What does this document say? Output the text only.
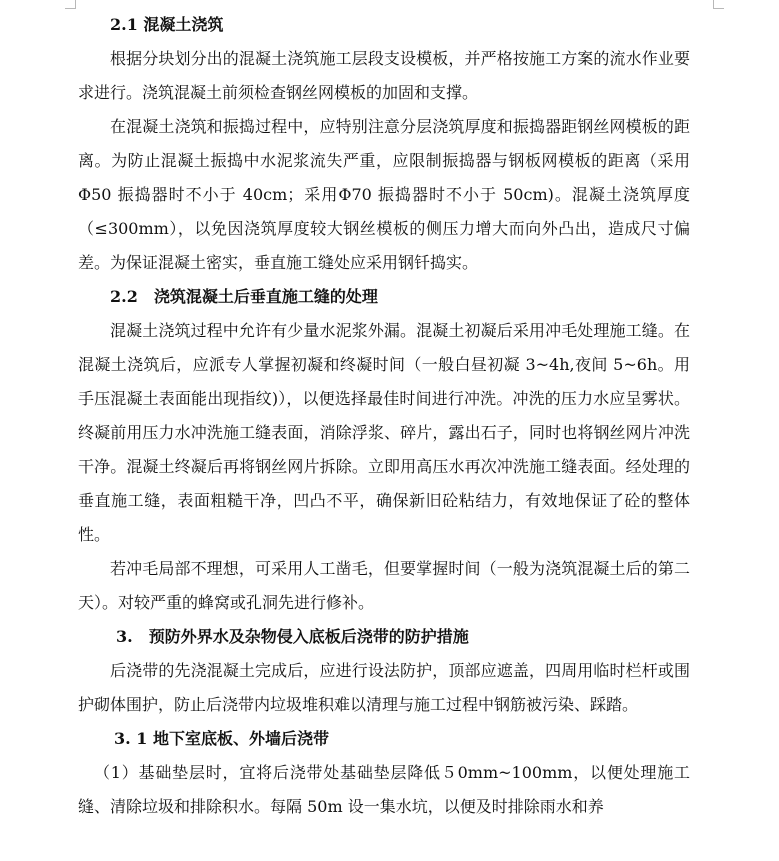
2.1 混凝土浇筑

根据分块划分出的混凝土浇筑施工层段支设模板，并严格按施工方案的流水作业要求进行。浇筑混凝土前须检查钢丝网模板的加固和支撑。

在混凝土浇筑和振捣过程中，应特别注意分层浇筑厚度和振捣器距钢丝网模板的距离。为防止混凝土振捣中水泥浆流失严重，应限制振捣器与钢板网模板的距离（采用Φ50 振捣器时不小于 40cm；采用Φ70 振捣器时不小于 50cm)。混凝土浇筑厚度（≤300mm），以免因浇筑厚度较大钢丝模板的侧压力增大而向外凸出，造成尺寸偏差。为保证混凝土密实，垂直施工缝处应采用钢钎捣实。

2.2　浇筑混凝土后垂直施工缝的处理

混凝土浇筑过程中允许有少量水泥浆外漏。混凝土初凝后采用冲毛处理施工缝。在混凝土浇筑后，应派专人掌握初凝和终凝时间（一般白昼初凝 3~4h,夜间 5~6h。用手压混凝土表面能出现指纹)），以便选择最佳时间进行冲洗。冲洗的压力水应呈雾状。终凝前用压力水冲洗施工缝表面，消除浮浆、碎片，露出石子，同时也将钢丝网片冲洗干净。混凝土终凝后再将钢丝网片拆除。立即用高压水再次冲洗施工缝表面。经处理的垂直施工缝，表面粗糙干净，凹凸不平，确保新旧砼粘结力，有效地保证了砼的整体性。

若冲毛局部不理想，可采用人工凿毛，但要掌握时间（一般为浇筑混凝土后的第二天）。对较严重的蜂窝或孔洞先进行修补。

3.　预防外界水及杂物侵入底板后浇带的防护措施

后浇带的先浇混凝土完成后，应进行设法防护，顶部应遮盖，四周用临时栏杆或围护砌体围护，防止后浇带内垃圾堆积难以清理与施工过程中钢筋被污染、踩踏。

3. 1 地下室底板、外墙后浇带

（1）基础垫层时，宜将后浇带处基础垫层降低５0mm~100mm，以便处理施工缝、清除垃圾和排除积水。每隔 50m 设一集水坑，以便及时排除雨水和养
